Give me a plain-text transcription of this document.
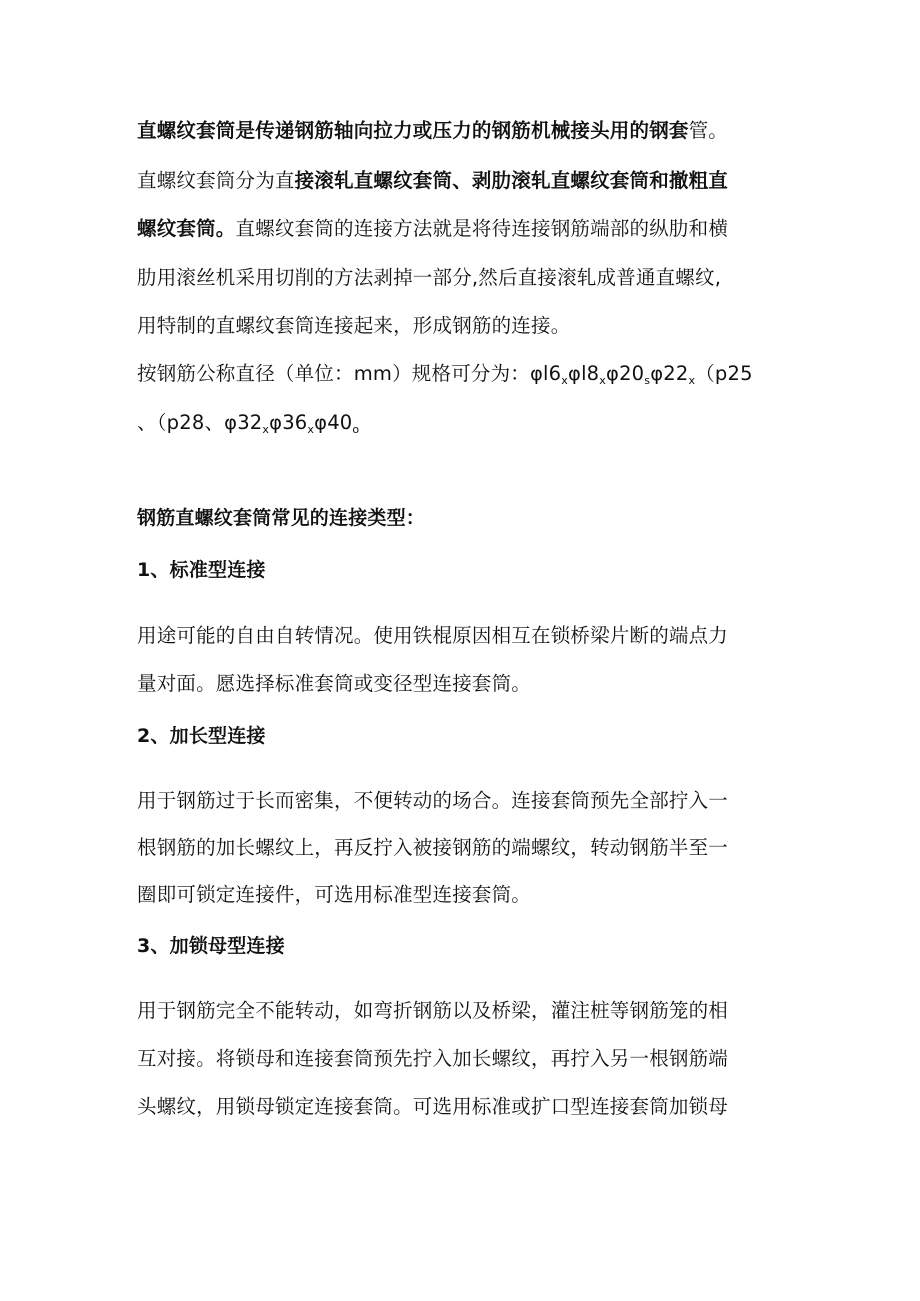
直螺纹套筒是传递钢筋轴向拉力或压力的钢筋机械接头用的钢套管。
直螺纹套筒分为直接滚轧直螺纹套筒、剥肋滚轧直螺纹套筒和撤粗直
螺纹套筒。直螺纹套筒的连接方法就是将待连接钢筋端部的纵肋和横
肋用滚丝机采用切削的方法剥掉一部分,然后直接滚轧成普通直螺纹,
用特制的直螺纹套筒连接起来，形成钢筋的连接。
按钢筋公称直径（单位：mm）规格可分为：$\varphi l6_x\varphi l8_x\varphi 20_s\varphi 22_x(p25$
、（p28、$\varphi 32_x\varphi 36_x\varphi 40_o$
钢筋直螺纹套筒常见的连接类型：
1、标准型连接
用途可能的自由自转情况。使用铁棍原因相互在锁桥梁片断的端点力
量对面。愿选择标准套筒或变径型连接套筒。
2、加长型连接
用于钢筋过于长而密集，不便转动的场合。连接套筒预先全部拧入一
根钢筋的加长螺纹上，再反拧入被接钢筋的端螺纹，转动钢筋半至一
圈即可锁定连接件，可选用标准型连接套筒。
3、加锁母型连接
用于钢筋完全不能转动，如弯折钢筋以及桥梁，灌注桩等钢筋笼的相
互对接。将锁母和连接套筒预先拧入加长螺纹，再拧入另一根钢筋端
头螺纹，用锁母锁定连接套筒。可选用标准或扩口型连接套筒加锁母
